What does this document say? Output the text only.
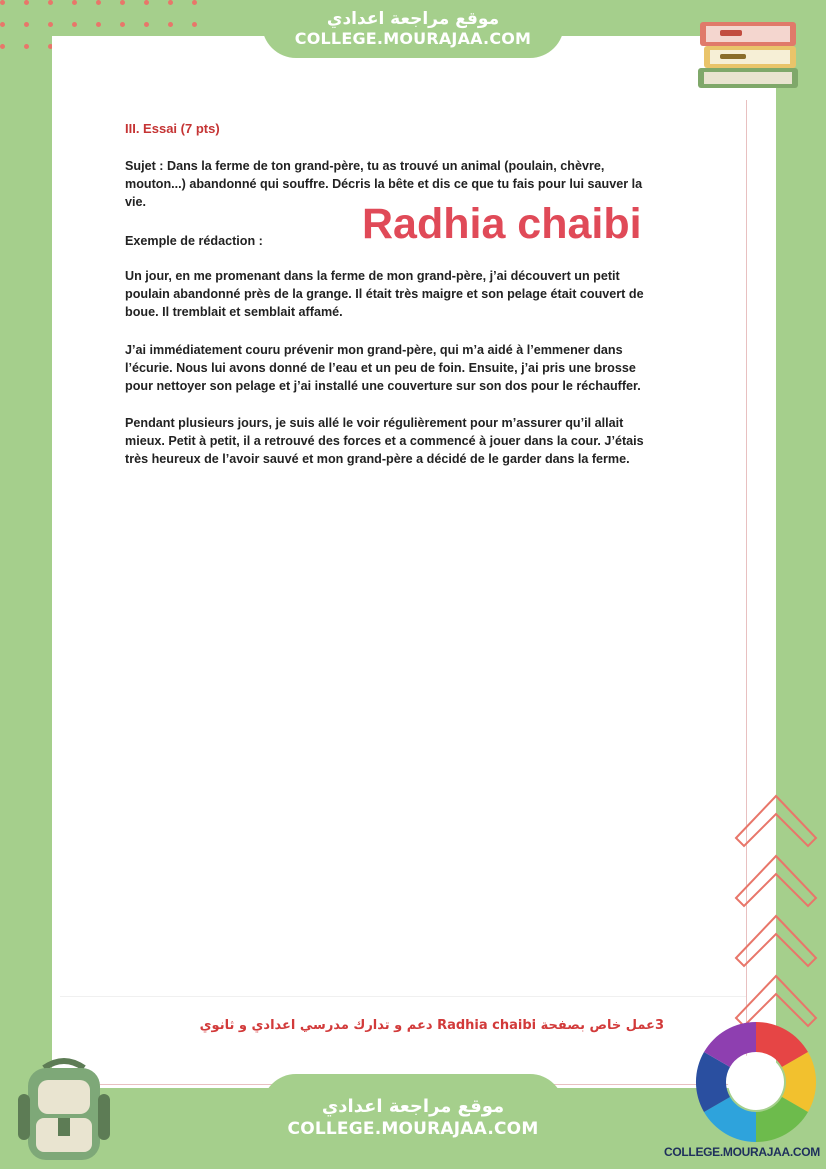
موقع مراجعة اعدادي
COLLEGE.MOURAJAA.COM
III. Essai (7 pts)
Sujet : Dans la ferme de ton grand-père, tu as trouvé un animal (poulain, chèvre, mouton...) abandonné qui souffre. Décris la bête et dis ce que tu fais pour lui sauver la vie.
Exemple de rédaction :
Un jour, en me promenant dans la ferme de mon grand-père, j’ai découvert un petit poulain abandonné près de la grange. Il était très maigre et son pelage était couvert de boue. Il tremblait et semblait affamé.
J’ai immédiatement couru prévenir mon grand-père, qui m’a aidé à l’emmener dans l’écurie. Nous lui avons donné de l’eau et un peu de foin. Ensuite, j’ai pris une brosse pour nettoyer son pelage et j’ai installé une couverture sur son dos pour le réchauffer.
Pendant plusieurs jours, je suis allé le voir régulièrement pour m’assurer qu’il allait mieux. Petit à petit, il a retrouvé des forces et a commencé à jouer dans la cour. J’étais très heureux de l’avoir sauvé et mon grand-père a décidé de le garder dans la ferme.
Radhia chaibi
3عمل خاص بصفحة Radhia chaibi دعم و تدارك مدرسي اعدادي و ثانوي
موقع مراجعة اعدادي
COLLEGE.MOURAJAA.COM
COLLEGE.MOURAJAA.COM
